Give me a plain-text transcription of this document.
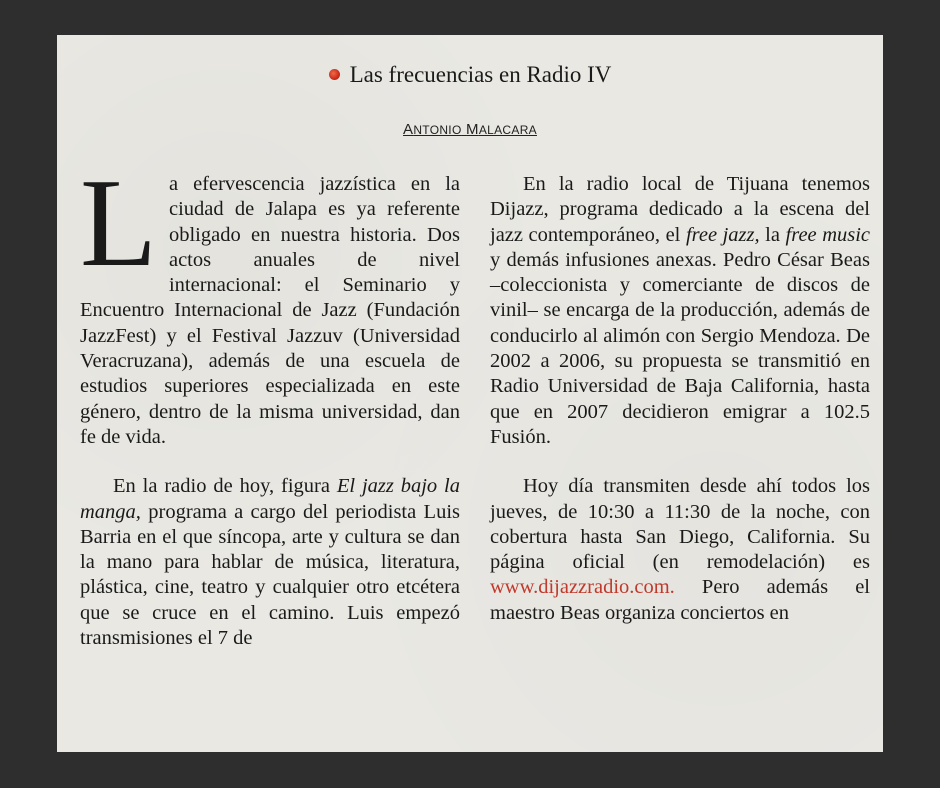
Las frecuencias en Radio IV
ANTONIO MALACARA

La efervescencia jazzística en la ciudad de Jalapa es ya referente obligado en nuestra historia. Dos actos anuales de nivel internacional: el Seminario y Encuentro Internacional de Jazz (Fundación JazzFest) y el Festival Jazzuv (Universidad Veracruzana), además de una escuela de estudios superiores especializada en este género, dentro de la misma universidad, dan fe de vida.

En la radio de hoy, figura El jazz bajo la manga, programa a cargo del periodista Luis Barria en el que síncopa, arte y cultura se dan la mano para hablar de música, literatura, plástica, cine, teatro y cualquier otro etcétera que se cruce en el camino. Luis empezó transmisiones el 7 de

En la radio local de Tijuana tenemos Dijazz, programa dedicado a la escena del jazz contemporáneo, el free jazz, la free music y demás infusiones anexas. Pedro César Beas –coleccionista y comerciante de discos de vinil– se encarga de la producción, además de conducirlo al alimón con Sergio Mendoza. De 2002 a 2006, su propuesta se transmitió en Radio Universidad de Baja California, hasta que en 2007 decidieron emigrar a 102.5 Fusión.

Hoy día transmiten desde ahí todos los jueves, de 10:30 a 11:30 de la noche, con cobertura hasta San Diego, California. Su página oficial (en remodelación) es www.dijazzradio.com. Pero además el maestro Beas organiza conciertos en
